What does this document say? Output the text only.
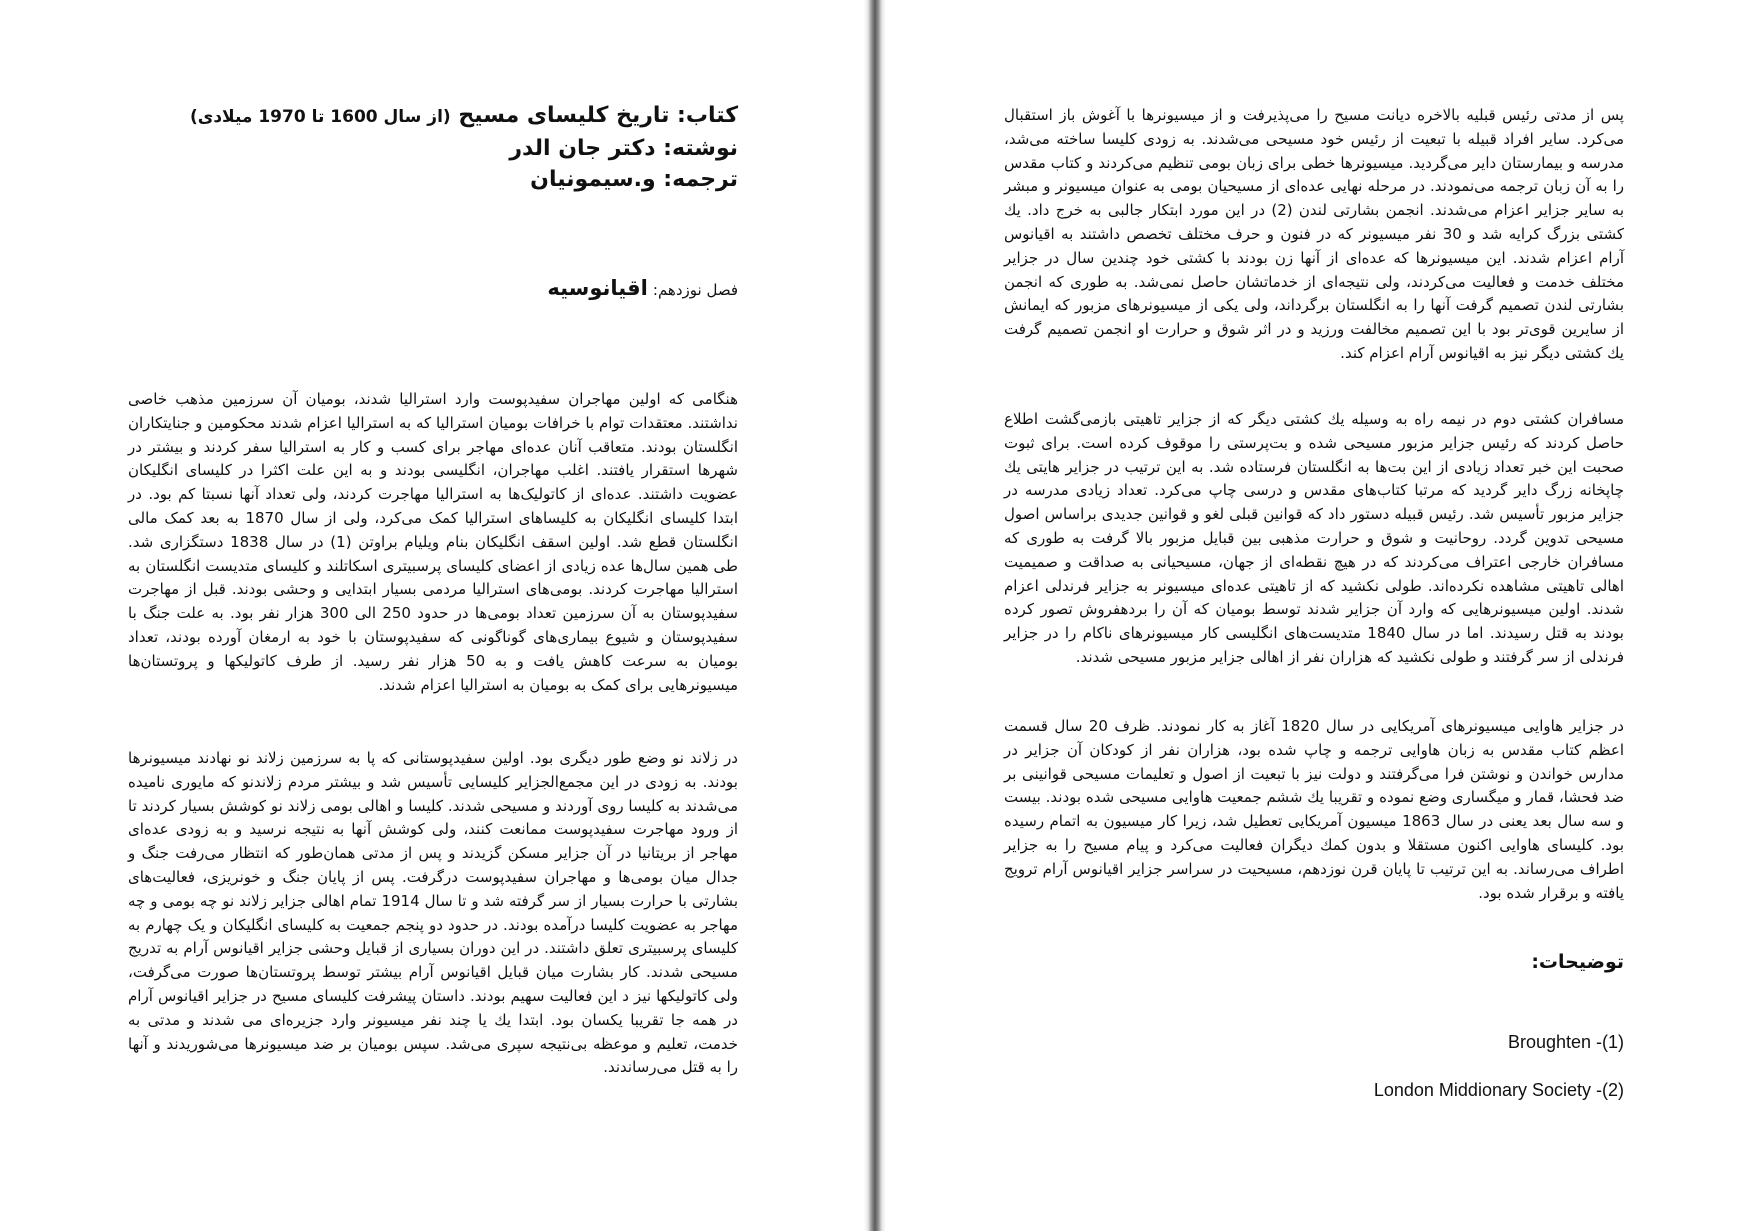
کتاب: تاریخ کلیسای مسیح (از سال 1600 تا 1970 میلادی)
نوشته: دکتر جان الدر
ترجمه: و.سیمونیان
فصل نوزدهم: اقیانوسیه
هنگامی که اولین مهاجران سفیدپوست وارد استرالیا شدند، بومیان آن سرزمین مذهب خاصی نداشتند. معتقدات توام با خرافات بومیان استرالیا که به استرالیا اعزام شدند محکومین و جنایتکاران انگلستان بودند. متعاقب آنان عده‌ای مهاجر برای کسب و کار به استرالیا سفر کردند و بیشتر در شهرها استقرار یافتند. اغلب مهاجران، انگلیسی بودند و به این علت اکثرا در کلیسای انگلیکان عضویت داشتند. عده‌ای از کاتولیک‌ها به استرالیا مهاجرت کردند، ولی تعداد آنها نسبتا کم بود. در ابتدا کلیسای انگلیکان به کلیساهای استرالیا کمک می‌کرد، ولی از سال 1870 به بعد کمک مالی انگلستان قطع شد. اولین اسقف انگلیکان بنام ویلیام براوتن (1) در سال 1838 دستگزاری شد. طی همین سال‌ها عده زیادی از اعضای کلیسای پرسبیتری اسکاتلند و کلیسای متدیست انگلستان به استرالیا مهاجرت کردند. بومی‌های استرالیا مردمی بسیار ابتدایی و وحشی بودند. قبل از مهاجرت سفیدپوستان به آن سرزمین تعداد بومی‌ها در حدود 250 الی 300 هزار نفر بود. به علت جنگ با سفیدپوستان و شیوع بیماری‌های گوناگونی که سفیدپوستان با خود به ارمغان آورده بودند، تعداد بومیان به سرعت کاهش یافت و به 50 هزار نفر رسید. از طرف کاتولیکها و پروتستان‌ها میسیونرهایی برای کمک به بومیان به استرالیا اعزام شدند.
در زلاند نو وضع طور دیگری بود. اولین سفیدپوستانی که پا به سرزمین زلاند نو نهادند میسیونرها بودند. به زودی در این مجمع‌الجزایر کلیسایی تأسیس شد و بیشتر مردم زلاندنو که مایوری نامیده می‌شدند به کلیسا روی آوردند و مسیحی شدند. کلیسا و اهالی بومی زلاند نو کوشش بسیار کردند تا از ورود مهاجرت سفیدپوست ممانعت کنند، ولی کوشش آنها به نتیجه نرسید و به زودی عده‌ای مهاجر از بریتانیا در آن جزایر مسکن گزیدند و پس از مدتی همان‌طور که انتظار می‌رفت جنگ و جدال میان بومی‌ها و مهاجران سفیدپوست درگرفت. پس از پایان جنگ و خونریزی، فعالیت‌های بشارتی با حرارت بسیار از سر گرفته شد و تا سال 1914 تمام اهالی جزایر زلاند نو چه بومی و چه مهاجر به عضویت کلیسا درآمده بودند. در حدود دو پنجم جمعیت به کلیسای انگلیکان و یک چهارم به کلیسای پرسبیتری تعلق داشتند. در این دوران بسیاری از قبایل وحشی جزایر اقیانوس آرام به تدریج مسیحی شدند. کار بشارت میان قبایل اقیانوس آرام بیشتر توسط پروتستان‌ها صورت می‌گرفت، ولی کاتولیکها نیز د این فعالیت سهیم بودند. داستان پیشرفت کلیسای مسیح در جزایر اقیانوس آرام در همه جا تقریبا یکسان بود. ابتدا یك یا چند نفر میسیونر وارد جزیره‌ای می شدند و مدتی به خدمت، تعلیم و موعظه بی‌نتیجه سپری می‌شد. سپس بومیان بر ضد میسیونرها می‌شوریدند و آنها را به قتل می‌رساندند.
پس از مدتی رئیس قبلیه بالاخره دیانت مسیح را می‌پذیرفت و از میسیونرها با آغوش باز استقبال می‌کرد. سایر افراد قبیله با تبعیت از رئیس خود مسیحی می‌شدند. به زودی کلیسا ساخته می‌شد، مدرسه و بیمارستان دایر می‌گردید. میسیونرها خطی برای زبان بومی تنظیم می‌کردند و کتاب مقدس را به آن زبان ترجمه می‌نمودند. در مرحله نهایی عده‌ای از مسیحیان بومی به عنوان میسیونر و مبشر به سایر جزایر اعزام می‌شدند. انجمن بشارتی لندن (2) در این مورد ابتکار جالبی به خرج داد. یك کشتی بزرگ کرایه شد و 30 نفر میسیونر که در فنون و حرف مختلف تخصص داشتند به اقیانوس آرام اعزام شدند. این میسیونرها که عده‌ای از آنها زن بودند با کشتی خود چندین سال در جزایر مختلف خدمت و فعالیت می‌کردند، ولی نتیجه‌ای از خدماتشان حاصل نمی‌شد. به طوری که انجمن بشارتی لندن تصمیم گرفت آنها را به انگلستان برگرداند، ولی یکی از میسیونرهای مزبور که ایمانش از سایرین قوی‌تر بود با این تصمیم مخالفت ورزید و در اثر شوق و حرارت او انجمن تصمیم گرفت یك کشتی دیگر نیز به اقیانوس آرام اعزام کند.
مسافران کشتی دوم در نیمه راه به وسیله یك کشتی دیگر که از جزایر تاهیتی باز‌می‌گشت اطلاع حاصل کردند که رئیس جزایر مزبور مسیحی شده و بت‌پرستی را موقوف کرده است. برای ثبوت صحبت این خبر تعداد زیادی از این بت‌ها به انگلستان فرستاده شد. به این ترتیب در جزایر هایتی یك چاپخانه زرگ دایر گردید که مرتبا کتاب‌های مقدس و درسی چاپ می‌کرد. تعداد زیادی مدرسه در جزایر مزبور تأسیس شد. رئیس قبیله دستور داد که قوانین قبلی لغو و قوانین جدیدی براساس اصول مسیحی تدوین گردد. روحانیت و شوق و حرارت مذهبی بین قبایل مزبور بالا گرفت به طوری که مسافران خارجی اعتراف می‌کردند که در هیچ نقطه‌ای از جهان، مسیحیانی به صداقت و صمیمیت اهالی تاهیتی مشاهده نکرده‌اند. طولی نکشید که از تاهیتی عده‌ای میسیونر به جزایر فرندلی اعزام شدند. اولین میسیونرهایی که وارد آن جزایر شدند توسط بومیان که آن را بردهفروش تصور کرده بودند به قتل رسیدند. اما در سال 1840 متدیست‌های انگلیسی کار میسیونرهای ناکام را در جزایر فرندلی از سر گرفتند و طولی نکشید که هزاران نفر از اهالی جزایر مزبور مسیحی شدند.
در جزایر هاوایی میسیونرهای آمریکایی در سال 1820 آغاز به کار نمودند. ظرف 20 سال قسمت اعظم کتاب مقدس به زبان هاوایی ترجمه و چاپ شده بود، هزاران نفر از کودکان آن جزایر در مدارس خواندن و نوشتن فرا می‌گرفتند و دولت نیز با تبعیت از اصول و تعلیمات مسیحی قوانینی بر ضد فحشا، قمار و میگساری وضع نموده و تقریبا یك ششم جمعیت هاوایی مسیحی شده بودند. بیست و سه سال بعد یعنی در سال 1863 میسیون آمریکایی تعطیل شد، زیرا کار میسیون به اتمام رسیده بود. کلیسای هاوایی اکنون مستقلا و بدون کمك دیگران فعالیت می‌کرد و پیام مسیح را به جزایر اطراف می‌رساند. به این ترتیب تا پایان قرن نوزدهم، مسیحیت در سراسر جزایر اقیانوس آرام ترویج یافته و برقرار شده بود.
توضیحات:
Broughten -(1)
London Middionary Society -(2)
